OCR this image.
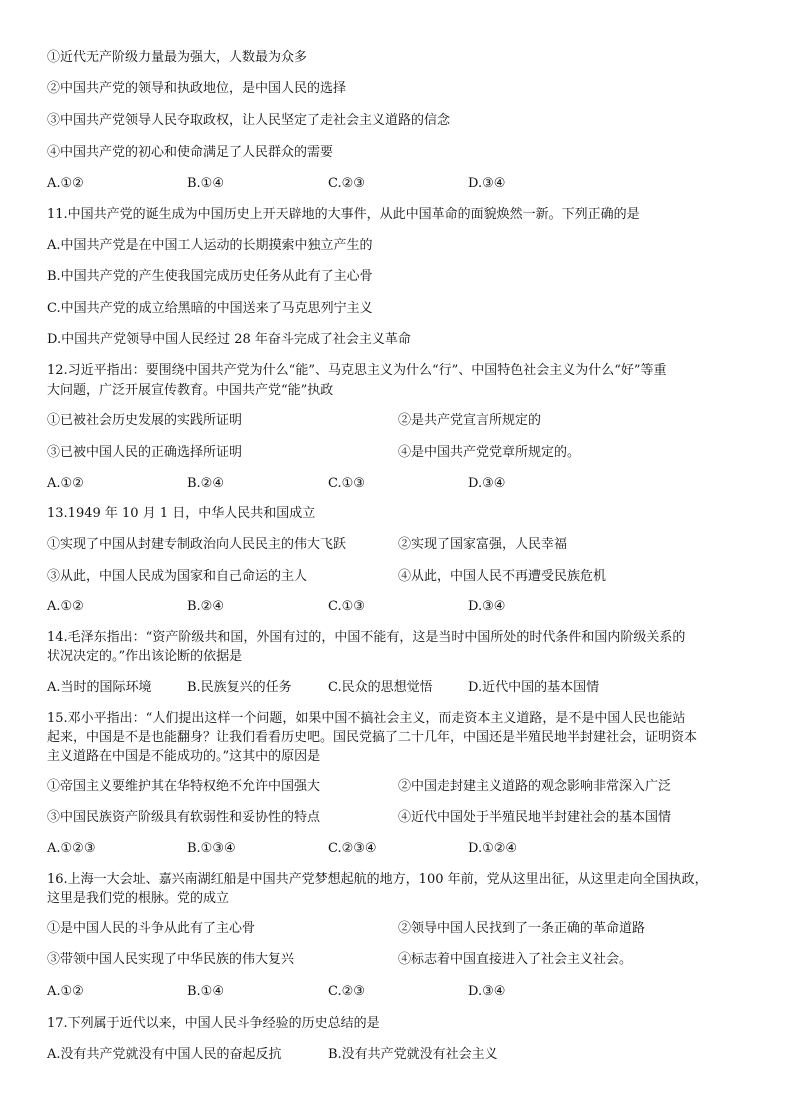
①近代无产阶级力量最为强大，人数最为众多
②中国共产党的领导和执政地位，是中国人民的选择
③中国共产党领导人民夺取政权，让人民坚定了走社会主义道路的信念
④中国共产党的初心和使命满足了人民群众的需要
A.①②	B.①④	C.②③	D.③④
11.中国共产党的诞生成为中国历史上开天辟地的大事件，从此中国革命的面貌焕然一新。下列正确的是
A.中国共产党是在中国工人运动的长期摸索中独立产生的
B.中国共产党的产生使我国完成历史任务从此有了主心骨
C.中国共产党的成立给黑暗的中国送来了马克思列宁主义
D.中国共产党领导中国人民经过 28 年奋斗完成了社会主义革命
12.习近平指出：要围绕中国共产党为什么“能”、马克思主义为什么“行”、中国特色社会主义为什么“好”等重
大问题，广泛开展宣传教育。中国共产党“能”执政
①已被社会历史发展的实践所证明	②是共产党宣言所规定的
③已被中国人民的正确选择所证明	④是中国共产党党章所规定的。
A.①②	B.②④	C.①③	D.③④
13.1949 年 10 月 1 日，中华人民共和国成立
①实现了中国从封建专制政治向人民民主的伟大飞跃	②实现了国家富强，人民幸福
③从此，中国人民成为国家和自己命运的主人	④从此，中国人民不再遭受民族危机
A.①②	B.②④	C.①③	D.③④
14.毛泽东指出：“资产阶级共和国，外国有过的，中国不能有，这是当时中国所处的时代条件和国内阶级关系的
状况决定的。”作出该论断的依据是
A.当时的国际环境	B.民族复兴的任务	C.民众的思想觉悟	D.近代中国的基本国情
15.邓小平指出：“人们提出这样一个问题，如果中国不搞社会主义，而走资本主义道路，是不是中国人民也能站
起来，中国是不是也能翻身？让我们看看历史吧。国民党搞了二十几年，中国还是半殖民地半封建社会，证明资本
主义道路在中国是不能成功的。”这其中的原因是
①帝国主义要维护其在华特权绝不允许中国强大	②中国走封建主义道路的观念影响非常深入广泛
③中国民族资产阶级具有软弱性和妥协性的特点	④近代中国处于半殖民地半封建社会的基本国情
A.①②③	B.①③④	C.②③④	D.①②④
16.上海一大会址、嘉兴南湖红船是中国共产党梦想起航的地方，100 年前，党从这里出征，从这里走向全国执政，
这里是我们党的根脉。党的成立
①是中国人民的斗争从此有了主心骨	②领导中国人民找到了一条正确的革命道路
③带领中国人民实现了中华民族的伟大复兴	④标志着中国直接进入了社会主义社会。
A.①②	B.①④	C.②③	D.③④
17.下列属于近代以来，中国人民斗争经验的历史总结的是
A.没有共产党就没有中国人民的奋起反抗	B.没有共产党就没有社会主义
